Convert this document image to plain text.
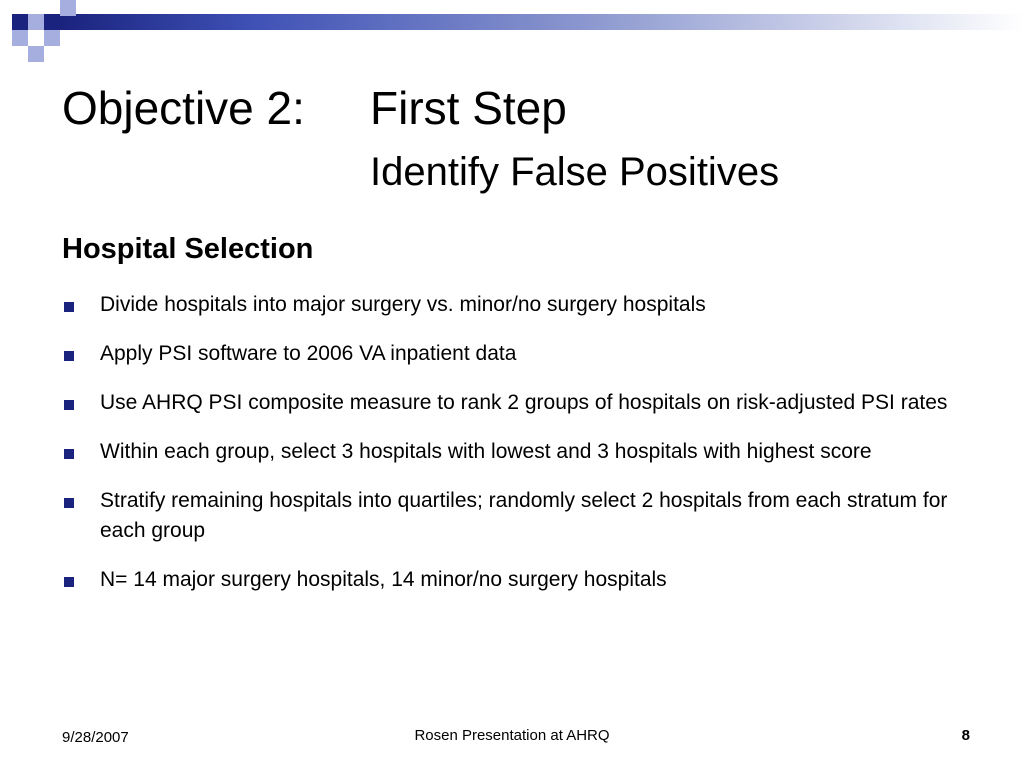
Objective 2: First Step
Identify False Positives
Hospital Selection
Divide hospitals into major surgery vs. minor/no surgery hospitals
Apply PSI software to 2006 VA inpatient data
Use AHRQ PSI composite measure to rank 2 groups of hospitals on risk-adjusted PSI rates
Within each group, select 3 hospitals with lowest and 3 hospitals with highest score
Stratify remaining hospitals into quartiles; randomly select 2 hospitals from each stratum for each group
N= 14 major surgery hospitals, 14 minor/no surgery hospitals
9/28/2007	Rosen Presentation at AHRQ	8
